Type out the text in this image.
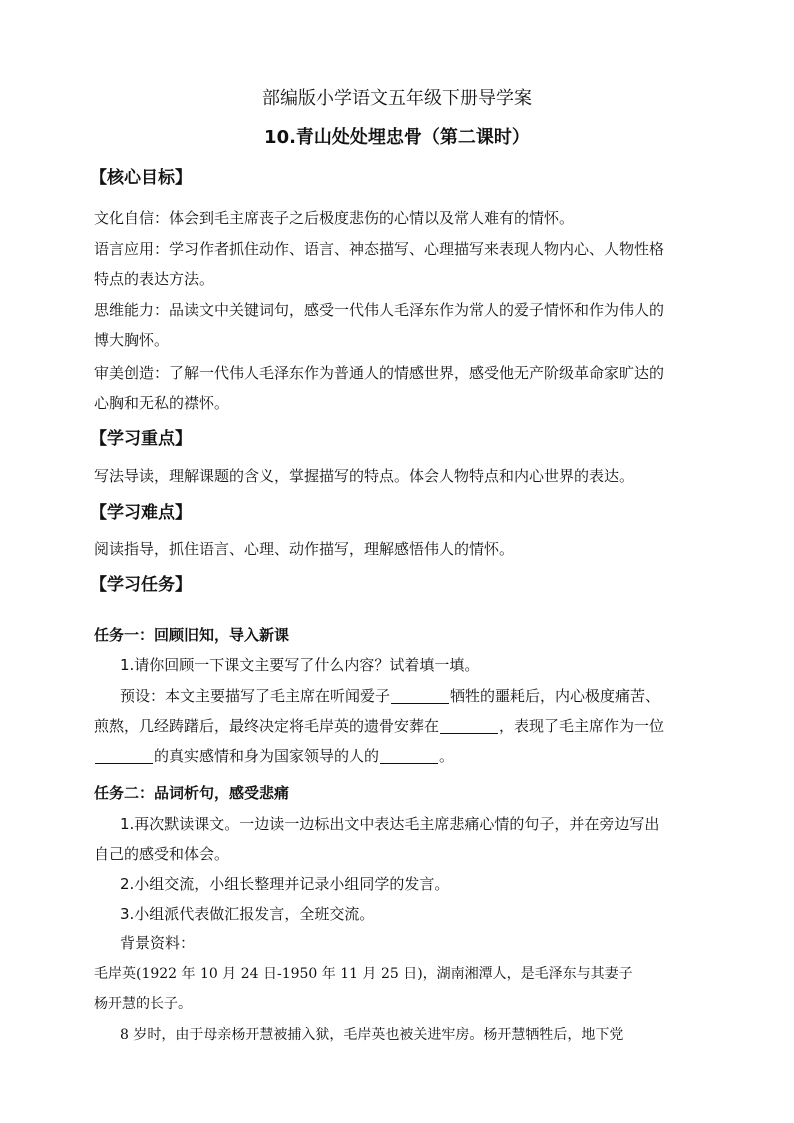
部编版小学语文五年级下册导学案
10.青山处处埋忠骨（第二课时）
【核心目标】
文化自信：体会到毛主席丧子之后极度悲伤的心情以及常人难有的情怀。
语言应用：学习作者抓住动作、语言、神态描写、心理描写来表现人物内心、人物性格
特点的表达方法。
思维能力：品读文中关键词句，感受一代伟人毛泽东作为常人的爱子情怀和作为伟人的
博大胸怀。
审美创造：了解一代伟人毛泽东作为普通人的情感世界，感受他无产阶级革命家旷达的
心胸和无私的襟怀。
【学习重点】
写法导读，理解课题的含义，掌握描写的特点。体会人物特点和内心世界的表达。
【学习难点】
阅读指导，抓住语言、心理、动作描写，理解感悟伟人的情怀。
【学习任务】
任务一：回顾旧知，导入新课
1.请你回顾一下课文主要写了什么内容？试着填一填。
预设：本文主要描写了毛主席在听闻爱子	牺牲的噩耗后，内心极度痛苦、
煎熬，几经踌躇后，最终决定将毛岸英的遗骨安葬在	，表现了毛主席作为一位
的真实感情和身为国家领导的人的	。
任务二：品词析句，感受悲痛
1.再次默读课文。一边读一边标出文中表达毛主席悲痛心情的句子，并在旁边写出
自己的感受和体会。
2.小组交流，小组长整理并记录小组同学的发言。
3.小组派代表做汇报发言，全班交流。
背景资料：
毛岸英(1922 年 10 月 24 日-1950 年 11 月 25 日)，湖南湘潭人，是毛泽东与其妻子
杨开慧的长子。
8 岁时，由于母亲杨开慧被捕入狱，毛岸英也被关进牢房。杨开慧牺牲后，地下党
